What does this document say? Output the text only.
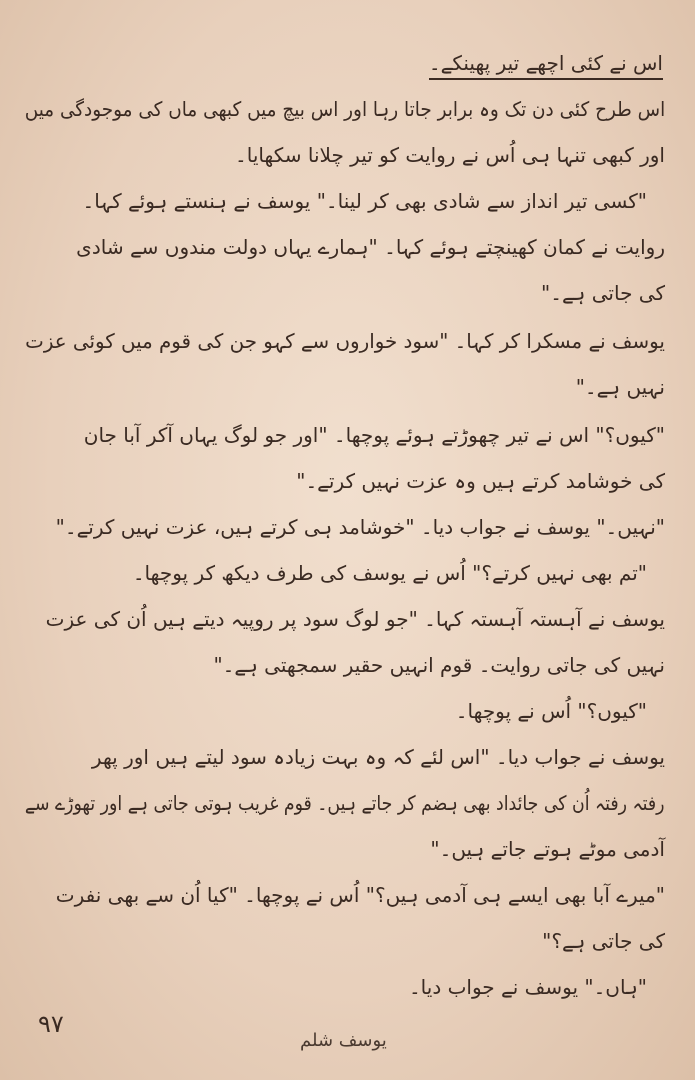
اس نے کئی اچھے تیر پھینکے۔
اس طرح کئی دن تک وہ برابر جاتا رہا اور اس بیچ میں کبھی ماں کی موجودگی میں
اور کبھی تنہا ہی اُس نے روایت کو تیر چلانا سکھایا۔
"کسی تیر انداز سے شادی بھی کر لینا۔" یوسف نے ہنستے ہوئے کہا۔
روایت نے کمان کھینچتے ہوئے کہا۔ "ہمارے یہاں دولت مندوں سے شادی
کی جاتی ہے۔"
یوسف نے مسکرا کر کہا۔ "سود خواروں سے کہو جن کی قوم میں کوئی عزت
نہیں ہے۔"
"کیوں؟" اس نے تیر چھوڑتے ہوئے پوچھا۔ "اور جو لوگ یہاں آکر آبا جان
کی خوشامد کرتے ہیں وہ عزت نہیں کرتے۔"
"نہیں۔" یوسف نے جواب دیا۔ "خوشامد ہی کرتے ہیں، عزت نہیں کرتے۔"
"تم بھی نہیں کرتے؟" اُس نے یوسف کی طرف دیکھ کر پوچھا۔
یوسف نے آہستہ آہستہ کہا۔ "جو لوگ سود پر روپیہ دیتے ہیں اُن کی عزت
نہیں کی جاتی روایت۔ قوم انہیں حقیر سمجھتی ہے۔"
"کیوں؟" اُس نے پوچھا۔
یوسف نے جواب دیا۔ "اس لئے کہ وہ بہت زیادہ سود لیتے ہیں اور پھر
رفتہ رفتہ اُن کی جائداد بھی ہضم کر جاتے ہیں۔ قوم غریب ہوتی جاتی ہے اور تھوڑے سے
آدمی موٹے ہوتے جاتے ہیں۔"
"میرے آبا بھی ایسے ہی آدمی ہیں؟" اُس نے پوچھا۔ "کیا اُن سے بھی نفرت
کی جاتی ہے؟"
"ہاں۔" یوسف نے جواب دیا۔
۹۷
یوسف شلم
